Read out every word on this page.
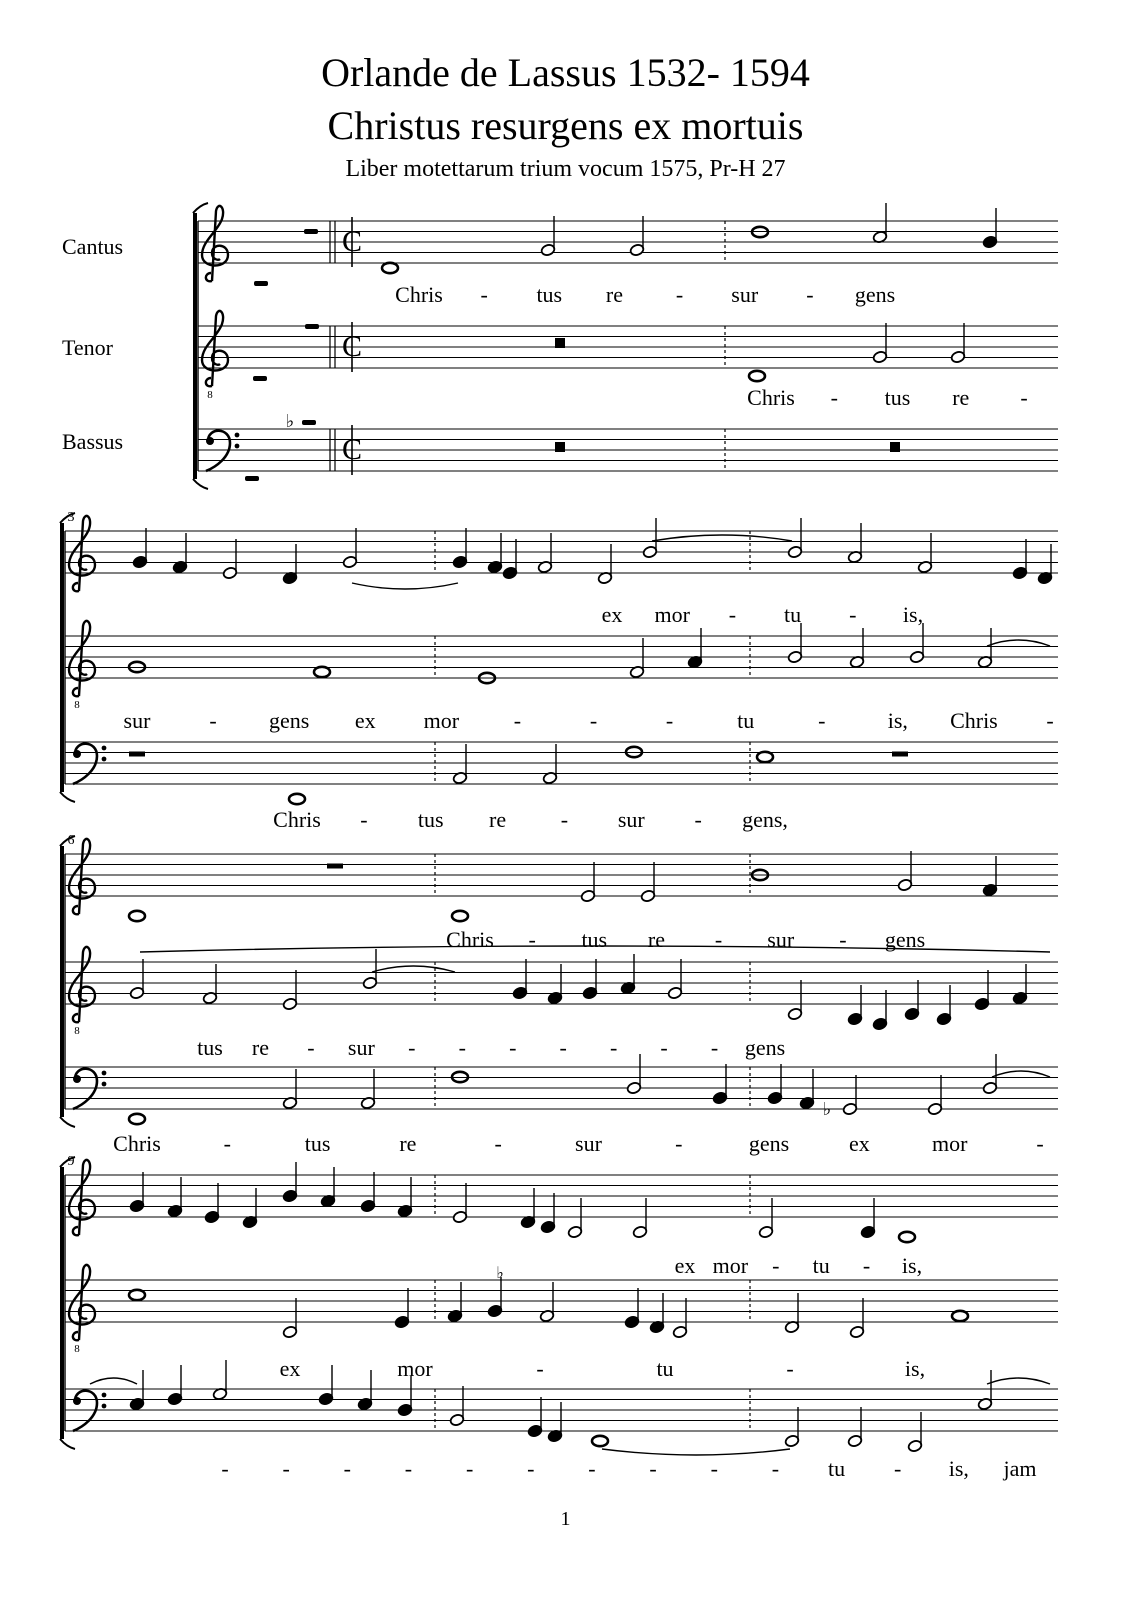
Orlande de Lassus 1532- 1594
Christus resurgens ex mortuis
Liber motettarum trium vocum 1575, Pr-H 27
Cantus
Tenor
Bassus
C
8
C
C
♭
Chris - tus re - sur - gens
Chris - tus re -
8
3
8
6
8
9
ex mor - tu - is,
sur	- gens ex mor -	-	-	tu	-	is, Chris -
Chris - tus re - sur - gens,
Chris - tus re - sur - gens
tus re - sur - - - - - - - gens
♭
Chris	-	tus	re	-	sur	-	gens	ex	mor	-
ex mor - tu - is,
♭
ex	mor	-	tu	-	is,
- - - - - - - - - - tu - is, jam
1
